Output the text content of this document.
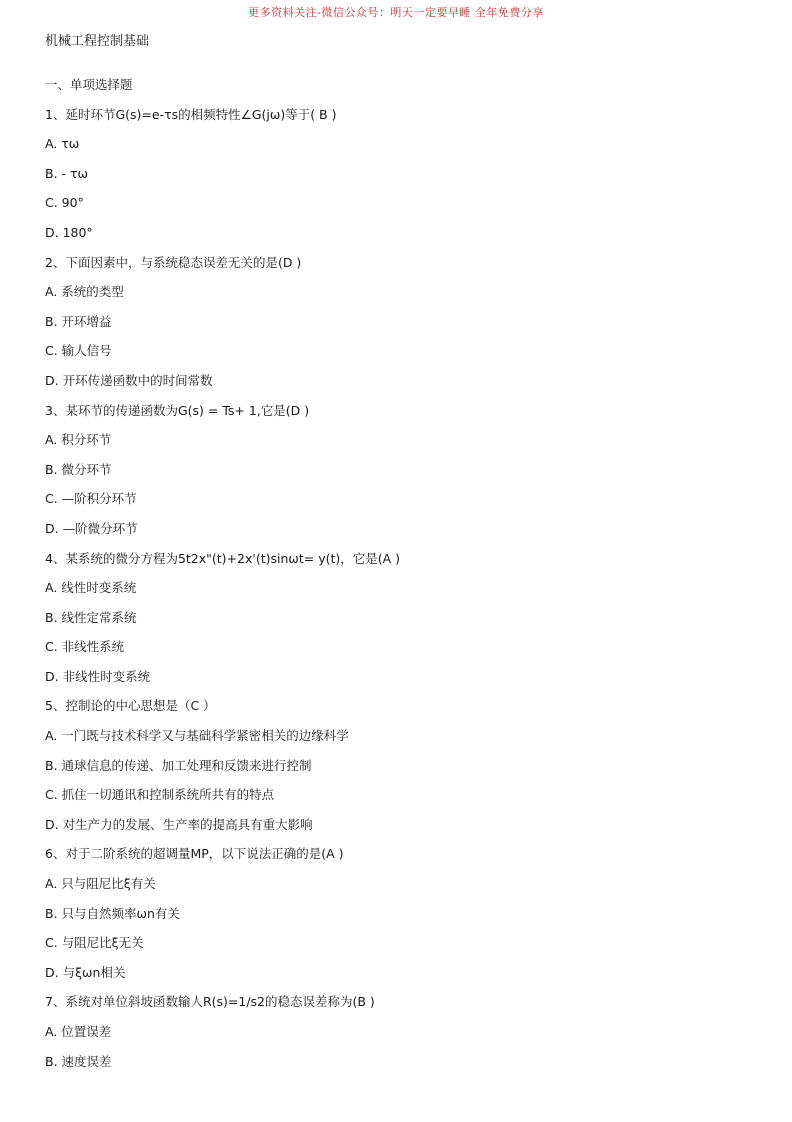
更多资料关注-微信公众号：明天一定要早睡 全年免费分享
机械工程控制基础
一、单项选择题
1、延时环节G(s)=e-τs的相频特性∠G(jω)等于( B )
A. τω
B. - τω
C. 90°
D. 180°
2、下面因素中，与系统稳态误差无关的是(D )
A. 系统的类型
B. 开环增益
C. 输人信号
D. 开环传递函数中的时间常数
3、某环节的传递函数为G(s) = Ts+ 1,它是(D )
A. 积分环节
B. 微分环节
C. —阶积分环节
D. —阶微分环节
4、某系统的微分方程为5t2x"(t)+2x'(t)sinωt= y(t)，它是(A )
A. 线性时变系统
B. 线性定常系统
C. 非线性系统
D. 非线性时变系统
5、控制论的中心思想是（C ）
A. 一门既与技术科学又与基础科学紧密相关的边缘科学
B. 通球信息的传递、加工处理和反馈来进行控制
C. 抓住一切通讯和控制系统所共有的特点
D. 对生产力的发展、生产率的提高具有重大影响
6、对于二阶系统的超调量MP，以下说法正确的是(A )
A. 只与阻尼比ξ有关
B. 只与自然频率ωn有关
C. 与阻尼比ξ无关
D. 与ξωn相关
7、系统对单位斜坡函数输人R(s)=1/s2的稳态误差称为(B )
A. 位置误差
B. 速度误差
